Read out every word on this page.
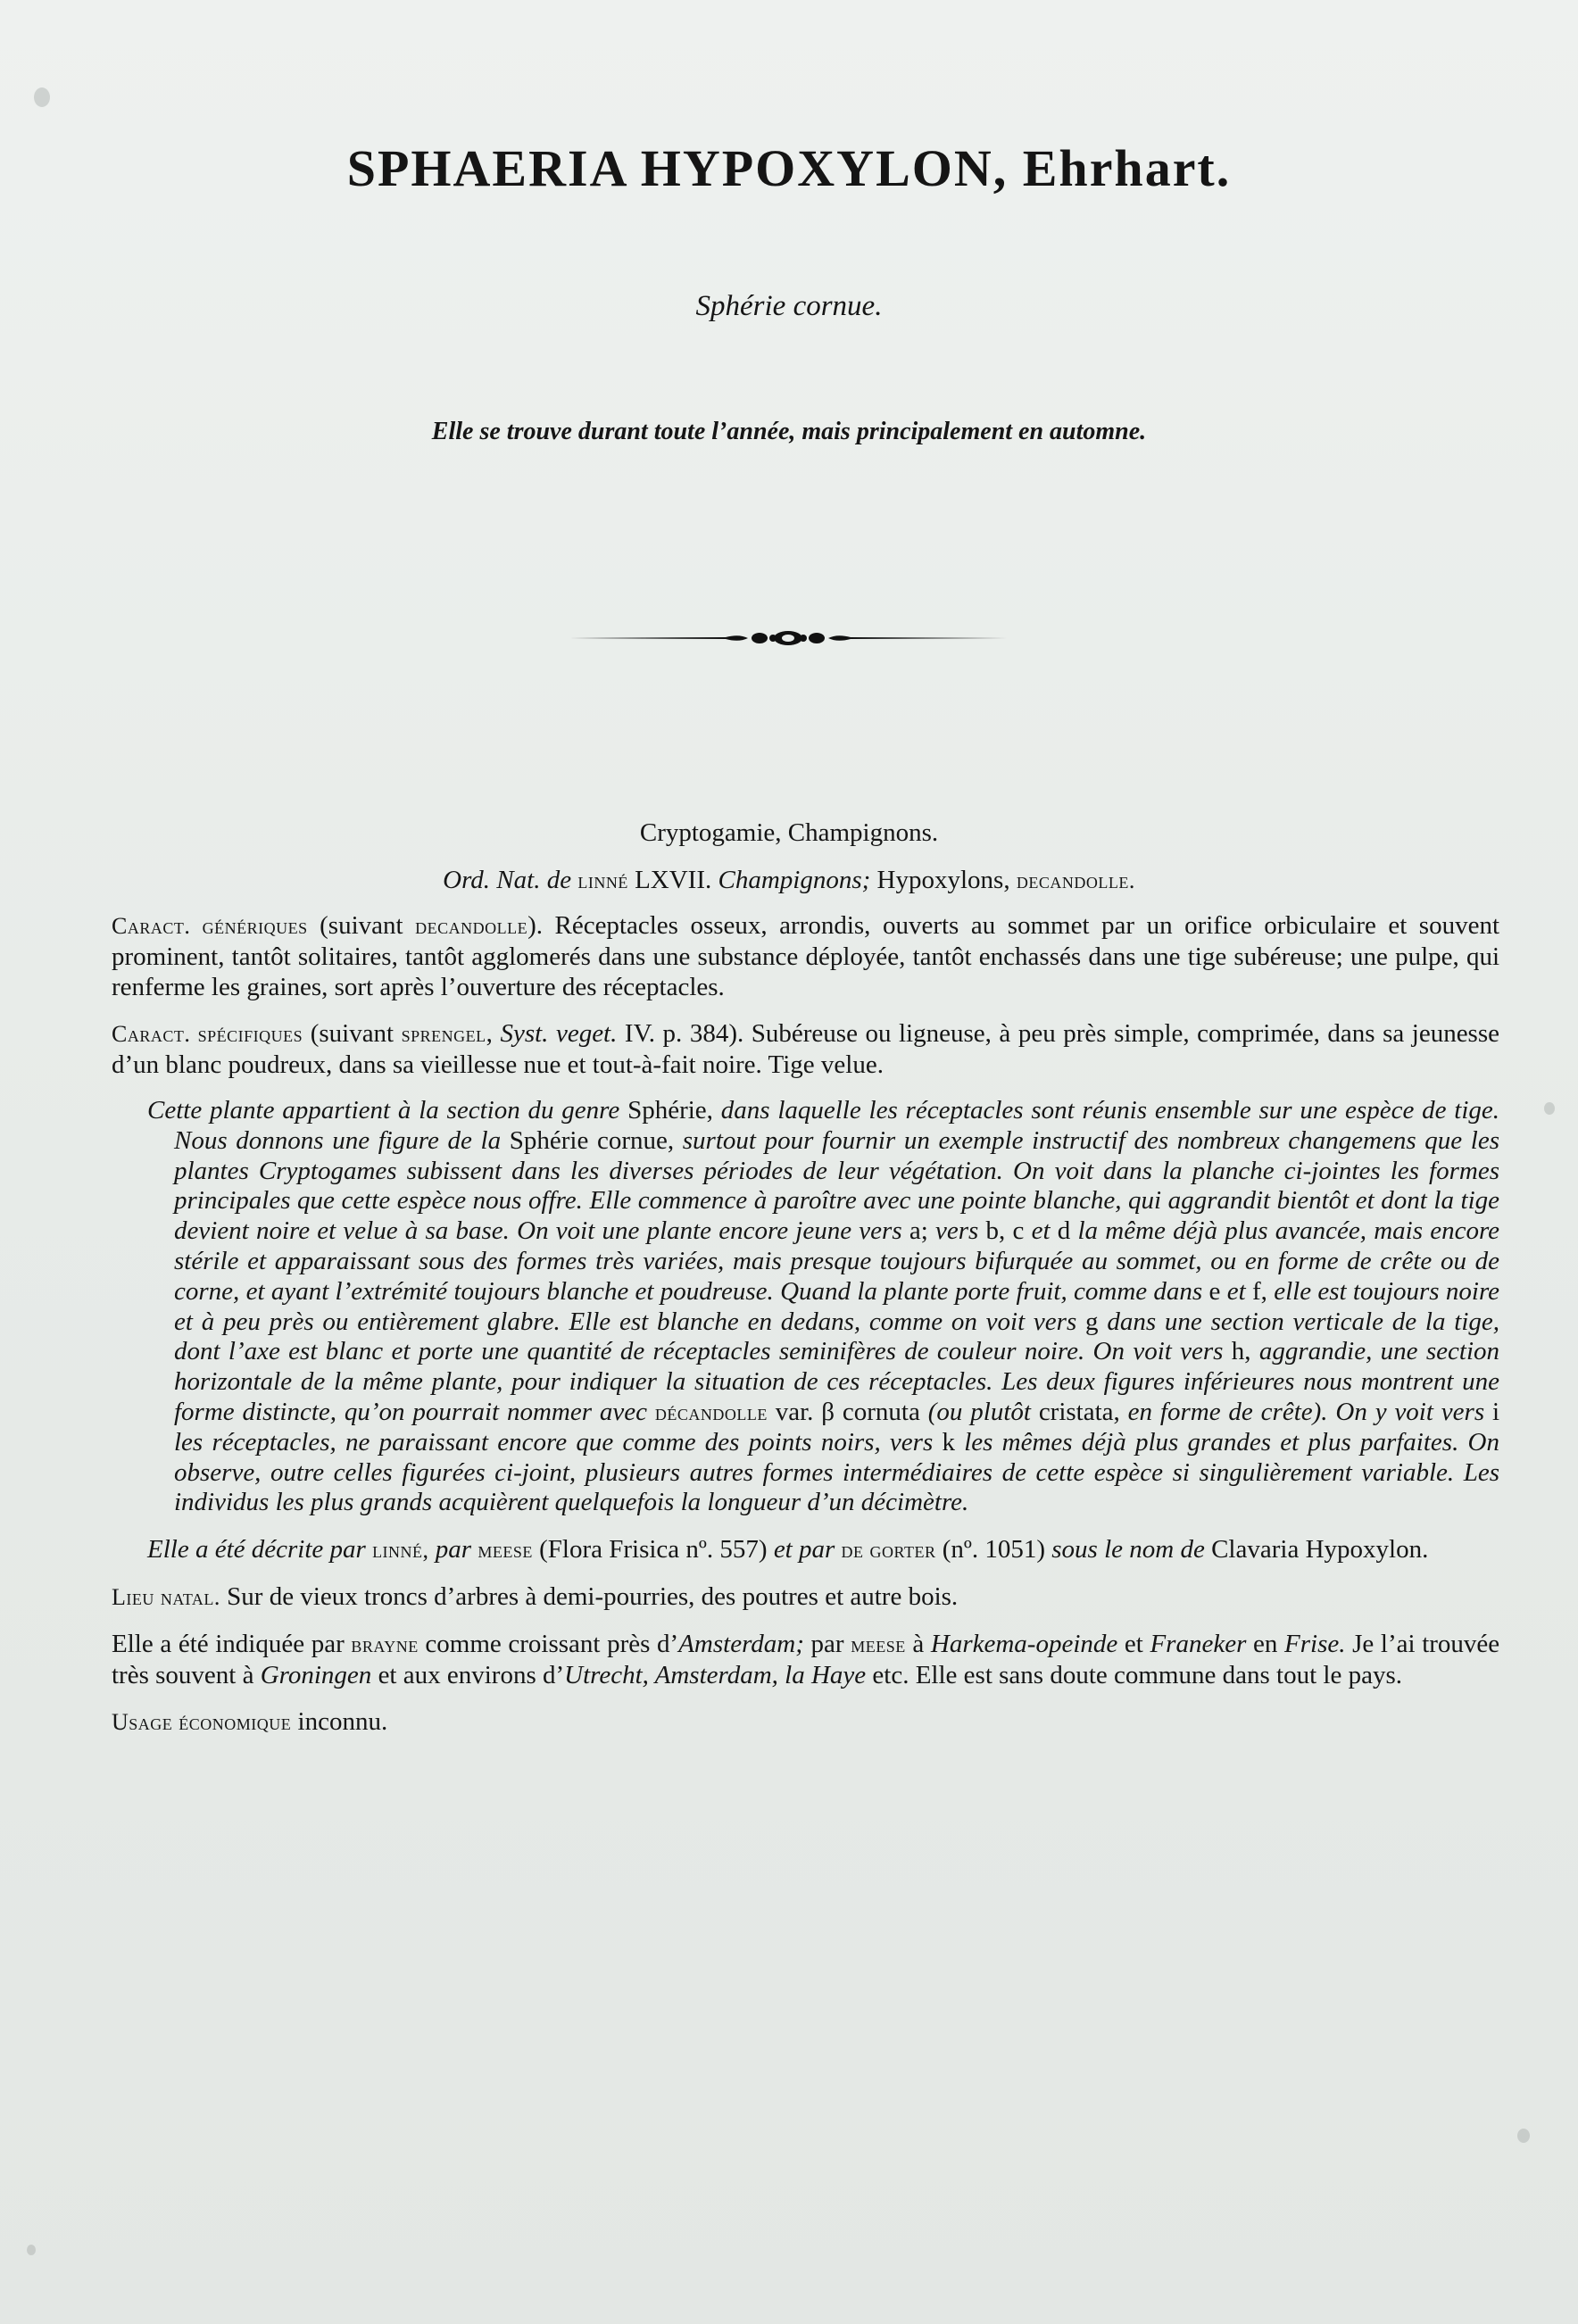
SPHAERIA HYPOXYLON, Ehrhart.
Sphérie cornue.
Elle se trouve durant toute l’année, mais principalement en automne.
Cryptogamie, Champignons.
Ord. Nat. de linné LXVII. Champignons; Hypoxylons, decandolle.

Caract. génériques (suivant decandolle). Réceptacles osseux, arrondis, ouverts au sommet par un orifice orbiculaire et souvent prominent, tantôt solitaires, tantôt agglomerés dans une substance déployée, tantôt enchassés dans une tige subéreuse; une pulpe, qui renferme les graines, sort après l’ouverture des réceptacles.

Caract. spécifiques (suivant sprengel, Syst. veget. IV. p. 384). Subéreuse ou ligneuse, à peu près simple, comprimée, dans sa jeunesse d’un blanc poudreux, dans sa vieillesse nue et tout-à-fait noire. Tige velue.

Cette plante appartient à la section du genre Sphérie, dans laquelle les réceptacles sont réunis ensemble sur une espèce de tige. Nous donnons une figure de la Sphérie cornue, surtout pour fournir un exemple instructif des nombreux changemens que les plantes Cryptogames subissent dans les diverses périodes de leur végétation. On voit dans la planche ci-jointes les formes principales que cette espèce nous offre. Elle commence à paroître avec une pointe blanche, qui aggrandit bientôt et dont la tige devient noire et velue à sa base. On voit une plante encore jeune vers a; vers b, c et d la même déjà plus avancée, mais encore stérile et apparaissant sous des formes très variées, mais presque toujours bifurquée au sommet, ou en forme de crête ou de corne, et ayant l’extrémité toujours blanche et poudreuse. Quand la plante porte fruit, comme dans e et f, elle est toujours noire et à peu près ou entièrement glabre. Elle est blanche en dedans, comme on voit vers g dans une section verticale de la tige, dont l’axe est blanc et porte une quantité de réceptacles seminifères de couleur noire. On voit vers h, aggrandie, une section horizontale de la même plante, pour indiquer la situation de ces réceptacles. Les deux figures inférieures nous montrent une forme distincte, qu’on pourrait nommer avec décandolle var. β cornuta (ou plutôt cristata, en forme de crête). On y voit vers i les réceptacles, ne paraissant encore que comme des points noirs, vers k les mêmes déjà plus grandes et plus parfaites. On observe, outre celles figurées ci-joint, plusieurs autres formes intermédiaires de cette espèce si singulièrement variable. Les individus les plus grands acquièrent quelquefois la longueur d’un décimètre.

Elle a été décrite par linné, par meese (Flora Frisica nº. 557) et par de gorter (nº. 1051) sous le nom de Clavaria Hypoxylon.

Lieu natal. Sur de vieux troncs d’arbres à demi-pourries, des poutres et autre bois.

Elle a été indiquée par brayne comme croissant près d’Amsterdam; par meese à Harkema-opeinde et Franeker en Frise. Je l’ai trouvée très souvent à Groningen et aux environs d’Utrecht, Amsterdam, la Haye etc. Elle est sans doute commune dans tout le pays.

Usage économique inconnu.
